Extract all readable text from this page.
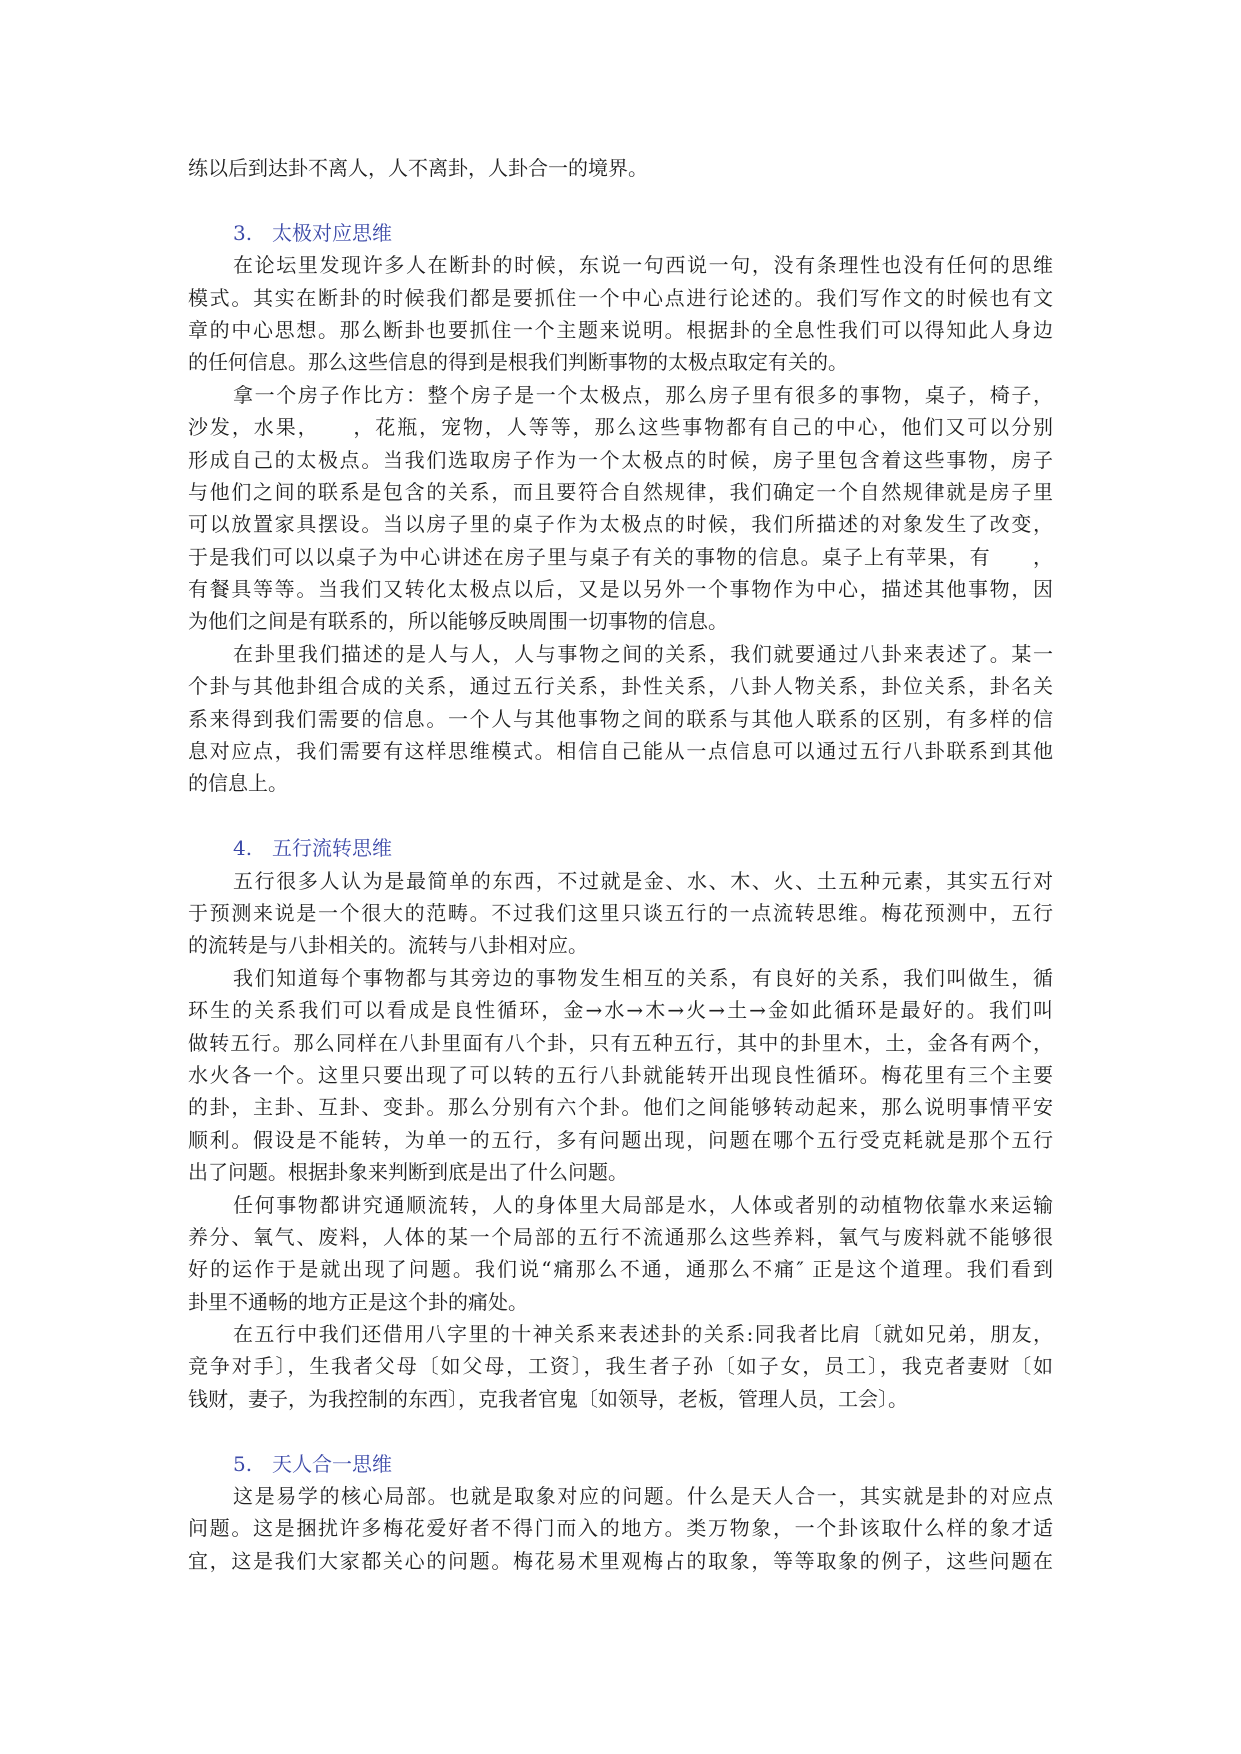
练以后到达卦不离人，人不离卦，人卦合一的境界。
3. 太极对应思维
在论坛里发现许多人在断卦的时候，东说一句西说一句，没有条理性也没有任何的思维
模式。其实在断卦的时候我们都是要抓住一个中心点进行论述的。我们写作文的时候也有文
章的中心思想。那么断卦也要抓住一个主题来说明。根据卦的全息性我们可以得知此人身边
的任何信息。那么这些信息的得到是根我们判断事物的太极点取定有关的。
拿一个房子作比方：整个房子是一个太极点，那么房子里有很多的事物，桌子，椅子，
沙发，水果，　　，花瓶，宠物，人等等，那么这些事物都有自己的中心，他们又可以分别
形成自己的太极点。当我们选取房子作为一个太极点的时候，房子里包含着这些事物，房子
与他们之间的联系是包含的关系，而且要符合自然规律，我们确定一个自然规律就是房子里
可以放置家具摆设。当以房子里的桌子作为太极点的时候，我们所描述的对象发生了改变，
于是我们可以以桌子为中心讲述在房子里与桌子有关的事物的信息。桌子上有苹果，有　　，
有餐具等等。当我们又转化太极点以后，又是以另外一个事物作为中心，描述其他事物，因
为他们之间是有联系的，所以能够反映周围一切事物的信息。
在卦里我们描述的是人与人，人与事物之间的关系，我们就要通过八卦来表述了。某一
个卦与其他卦组合成的关系，通过五行关系，卦性关系，八卦人物关系，卦位关系，卦名关
系来得到我们需要的信息。一个人与其他事物之间的联系与其他人联系的区别，有多样的信
息对应点，我们需要有这样思维模式。相信自己能从一点信息可以通过五行八卦联系到其他
的信息上。
4. 五行流转思维
五行很多人认为是最简单的东西，不过就是金、水、木、火、土五种元素，其实五行对
于预测来说是一个很大的范畴。不过我们这里只谈五行的一点流转思维。梅花预测中，五行
的流转是与八卦相关的。流转与八卦相对应。
我们知道每个事物都与其旁边的事物发生相互的关系，有良好的关系，我们叫做生，循
环生的关系我们可以看成是良性循环，金→水→木→火→土→金如此循环是最好的。我们叫
做转五行。那么同样在八卦里面有八个卦，只有五种五行，其中的卦里木，土，金各有两个，
水火各一个。这里只要出现了可以转的五行八卦就能转开出现良性循环。梅花里有三个主要
的卦，主卦、互卦、变卦。那么分别有六个卦。他们之间能够转动起来，那么说明事情平安
顺利。假设是不能转，为单一的五行，多有问题出现，问题在哪个五行受克耗就是那个五行
出了问题。根据卦象来判断到底是出了什么问题。
任何事物都讲究通顺流转，人的身体里大局部是水，人体或者别的动植物依靠水来运输
养分、氧气、废料，人体的某一个局部的五行不流通那么这些养料，氧气与废料就不能够很
好的运作于是就出现了问题。我们说“痛那么不通，通那么不痛″ 正是这个道理。我们看到
卦里不通畅的地方正是这个卦的痛处。
在五行中我们还借用八字里的十神关系来表述卦的关系:同我者比肩〔就如兄弟，朋友，
竞争对手〕，生我者父母〔如父母，工资〕，我生者子孙〔如子女，员工〕，我克者妻财〔如
钱财，妻子，为我控制的东西〕，克我者官鬼〔如领导，老板，管理人员，工会〕。
5. 天人合一思维
这是易学的核心局部。也就是取象对应的问题。什么是天人合一，其实就是卦的对应点
问题。这是捆扰许多梅花爱好者不得门而入的地方。类万物象，一个卦该取什么样的象才适
宜，这是我们大家都关心的问题。梅花易术里观梅占的取象，等等取象的例子，这些问题在
